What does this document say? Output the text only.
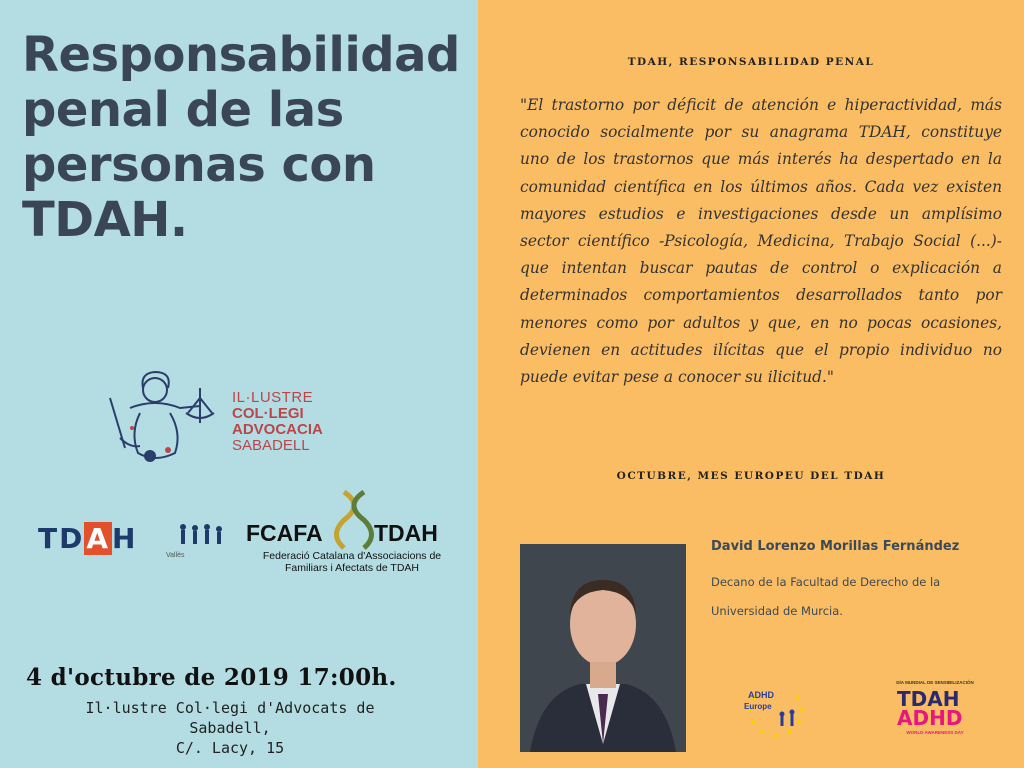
Responsabilidad penal de las personas con TDAH.
IL·LUSTRE
COL·LEGI
ADVOCACIA
SABADELL
TDAH
Vallès
FCAFA TDAH
Federació Catalana d'Associacions de Familiars i Afectats de TDAH
4 d'octubre de 2019 17:00h.
Il·lustre Col·legi d'Advocats de
Sabadell,
C/. Lacy, 15
TDAH, RESPONSABILIDAD PENAL
"El trastorno por déficit de atención e hiperactividad, más conocido socialmente por su anagrama TDAH, constituye uno de los trastornos que más interés ha despertado en la comunidad científica en los últimos años. Cada vez existen mayores estudios e investigaciones desde un amplísimo sector científico -Psicología, Medicina, Trabajo Social (...)- que intentan buscar pautas de control o explicación a determinados comportamientos desarrollados tanto por menores como por adultos y que, en no pocas ocasiones, devienen en actitudes ilícitas que el propio individuo no puede evitar pese a conocer su ilicitud."
OCTUBRE, MES EUROPEU DEL TDAH
David Lorenzo Morillas Fernández
Decano de la Facultad de Derecho de la Universidad de Murcia.
ADHD
Europe
DÍA MUNDIAL DE SENSIBILIZACIÓN
TDAH
ADHD
WORLD AWARENESS DAY
